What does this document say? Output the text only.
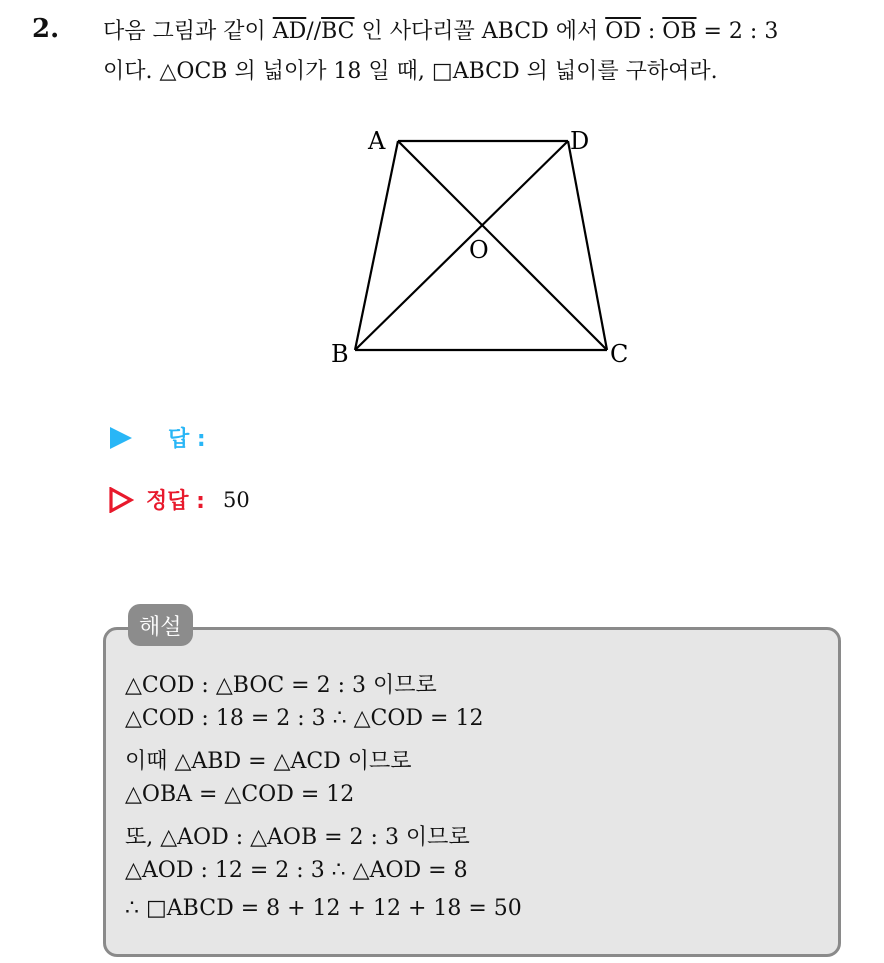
2. 다음 그림과 같이 $\overline{AD}//\overline{BC}$ 인 사다리꼴 ABCD 에서 $\overline{OD}$ : $\overline{OB} = 2$ : 3
이다. △OCB 의 넓이가 18 일 때, □ABCD 의 넓이를 구하여라.
A	D
O
B	C
답 :
정답 : 50
해설
△COD : △BOC = 2 : 3 이므로
△COD : 18 = 2 : 3 ∴ △COD = 12
이때 △ABD = △ACD 이므로
△OBA = △COD = 12
또, △AOD : △AOB = 2 : 3 이므로
△AOD : 12 = 2 : 3 ∴ △AOD = 8
∴ □ABCD = 8 + 12 + 12 + 18 = 50
